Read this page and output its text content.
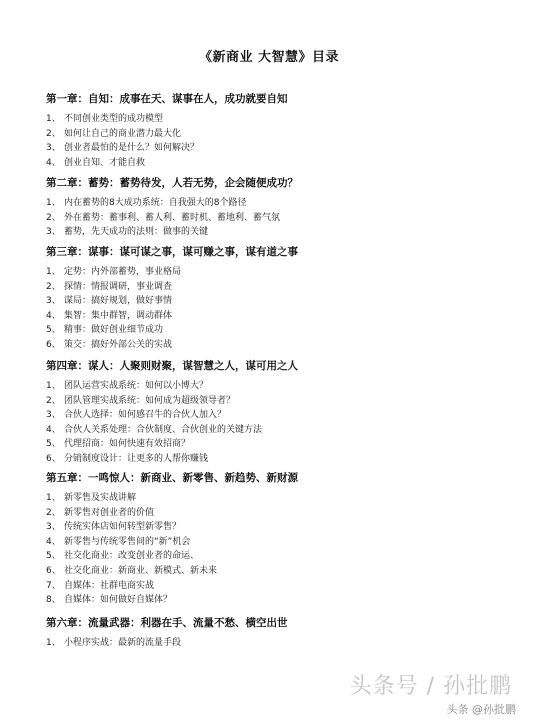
《新商业 大智慧》目录
第一章：自知：成事在天、谋事在人，成功就要自知
1、 不同创业类型的成功模型
2、 如何让自己的商业潜力最大化
3、 创业者最怕的是什么？如何解决？
4、 创业自知、才能自救
第二章：蓄势：蓄势待发，人若无势，企会随便成功？
1、 内在蓄势的8大成功系统：自我强大的8个路径
2、 外在蓄势：蓄事利、蓄人利、蓄时机、蓄地利、蓄气氛
3、 蓄势，先天成功的法则：做事的关键
第三章：谋事：谋可谋之事，谋可赚之事，谋有道之事
1、 定势：内外部蓄势，事业格局
2、 探情：情报调研，事业调查
3、 谋局：搞好规划，做好事情
4、 集智：集中群智，调动群体
5、 精事：做好创业细节成功
6、 策交：搞好外部公关的实战
第四章：谋人：人聚则财聚，谋智慧之人，谋可用之人
1、 团队运营实战系统：如何以小博大？
2、 团队管理实战系统：如何成为超级领导者？
3、 合伙人选择：如何感召牛的合伙人加入？
4、 合伙人关系处理：合伙制度、合伙创业的关键方法
5、 代理招商：如何快速有效招商？
6、 分销制度设计：让更多的人帮你赚钱
第五章：一鸣惊人：新商业、新零售、新趋势、新财源
1、 新零售及实战讲解
2、 新零售对创业者的价值
3、 传统实体店如何转型新零售？
4、 新零售与传统零售间的“新”机会
5、 社交化商业：改变创业者的命运、
6、 社交化商业：新商业、新模式、新未来
7、 自媒体：社群电商实战
8、 自媒体：如何做好自媒体？
第六章：流量武器：利器在手、流量不愁、横空出世
1、 小程序实战：最新的流量手段
头条号 / 孙批鹏
头条 @孙批鹏
